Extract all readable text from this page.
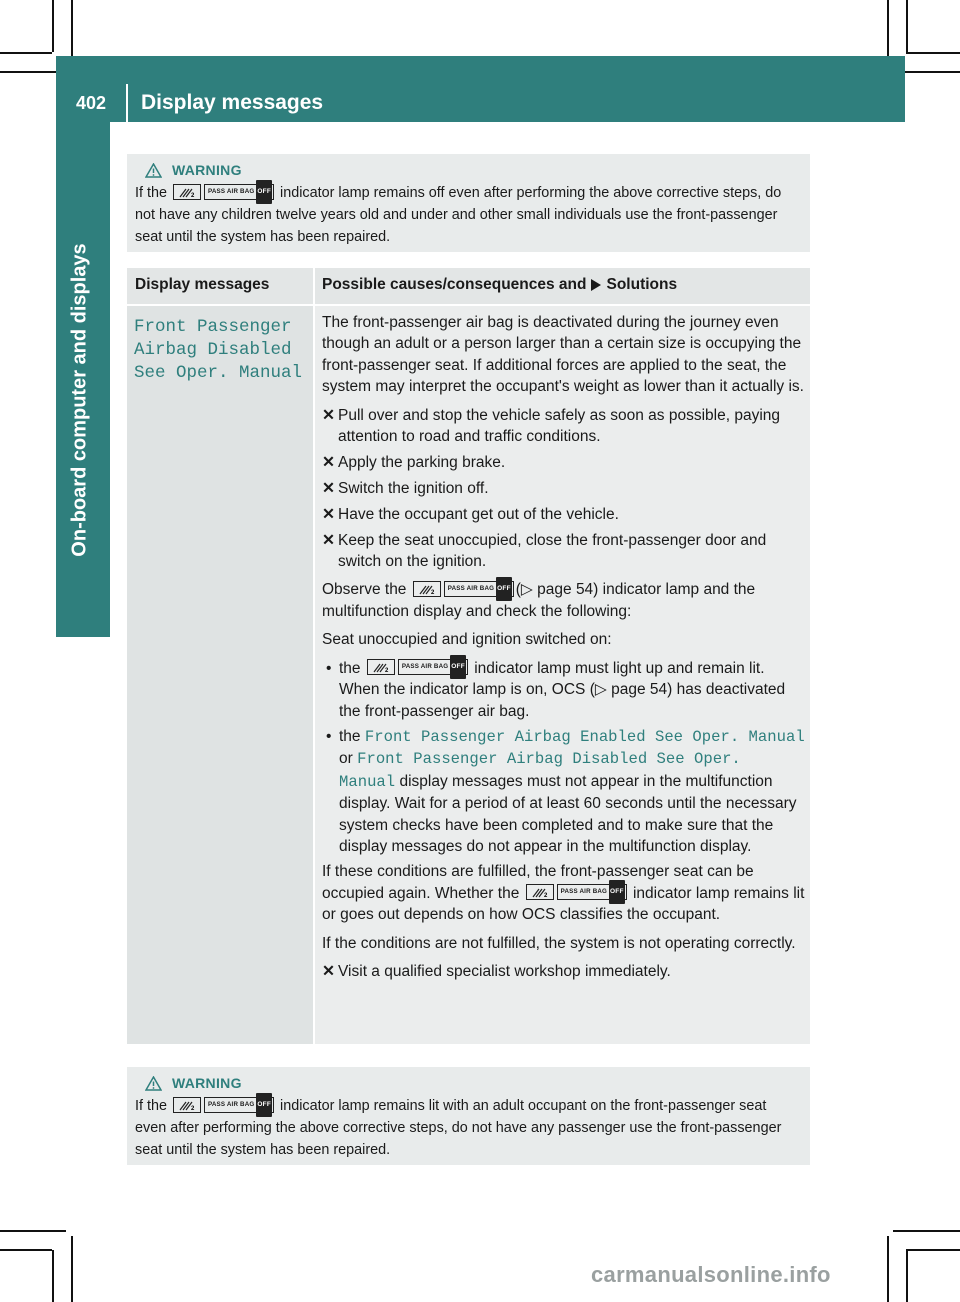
402	Display messages
On-board computer and displays
WARNING
If the	2
PASS AIR BAG OFF indicator lamp remains off even after performing the above corrective steps, do not have any children twelve years old and under and other small individuals use the front-passenger seat until the system has been repaired.
Display messages	Possible causes/consequences and Solutions
Front Passenger
Airbag Disabled
See Oper. Manual

The front-passenger air bag is deactivated during the journey even though an adult or a person larger than a certain size is occupying the front-passenger seat. If additional forces are applied to the seat, the system may interpret the occupant's weight as lower than it actually is.

✕ Pull over and stop the vehicle safely as soon as possible, paying attention to road and traffic conditions.
✕ Apply the parking brake.
✕ Switch the ignition off.
✕ Have the occupant get out of the vehicle.
✕ Keep the seat unoccupied, close the front-passenger door and switch on the ignition.

Observe the	2
PASS AIR BAG OFF (▷ page 54) indicator lamp and the multifunction display and check the following:

Seat unoccupied and ignition switched on:

• the	2
PASS AIR BAG OFF indicator lamp must light up and remain lit. When the indicator lamp is on, OCS (▷ page 54) has deactivated the front-passenger air bag.
• the Front Passenger Airbag Enabled See Oper. Manual or Front Passenger Airbag Disabled See Oper. Manual display messages must not appear in the multifunction display. Wait for a period of at least 60 seconds until the necessary system checks have been completed and to make sure that the display messages do not appear in the multifunction display.

If these conditions are fulfilled, the front-passenger seat can be occupied again. Whether the	2
PASS AIR BAG OFF indicator lamp remains lit or goes out depends on how OCS classifies the occupant.

If the conditions are not fulfilled, the system is not operating correctly.

✕ Visit a qualified specialist workshop immediately.
WARNING
If the	2
PASS AIR BAG OFF indicator lamp remains lit with an adult occupant on the front-passenger seat even after performing the above corrective steps, do not have any passenger use the front-passenger seat until the system has been repaired.
carmanualsonline.info
